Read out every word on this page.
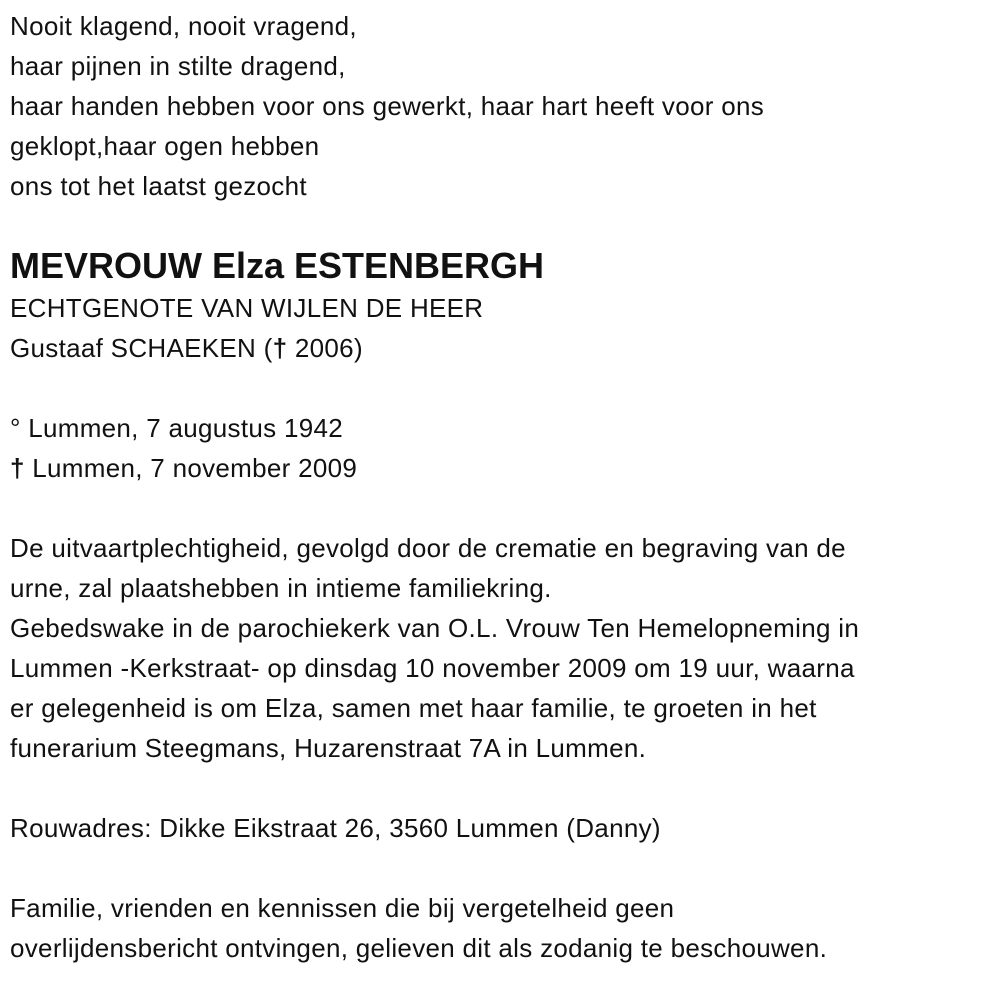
Nooit klagend, nooit vragend,
haar pijnen in stilte dragend,
haar handen hebben voor ons gewerkt, haar hart heeft voor ons
geklopt,haar ogen hebben
ons tot het laatst gezocht
MEVROUW Elza ESTENBERGH
ECHTGENOTE VAN WIJLEN DE HEER
Gustaaf SCHAEKEN († 2006)
° Lummen, 7 augustus 1942
† Lummen, 7 november 2009
De uitvaartplechtigheid, gevolgd door de crematie en begraving van de
urne, zal plaatshebben in intieme familiekring.
Gebedswake in de parochiekerk van O.L. Vrouw Ten Hemelopneming in
Lummen -Kerkstraat- op dinsdag 10 november 2009 om 19 uur, waarna
er gelegenheid is om Elza, samen met haar familie, te groeten in het
funerarium Steegmans, Huzarenstraat 7A in Lummen.
Rouwadres: Dikke Eikstraat 26, 3560 Lummen (Danny)
Familie, vrienden en kennissen die bij vergetelheid geen
overlijdensbericht ontvingen, gelieven dit als zodanig te beschouwen.
